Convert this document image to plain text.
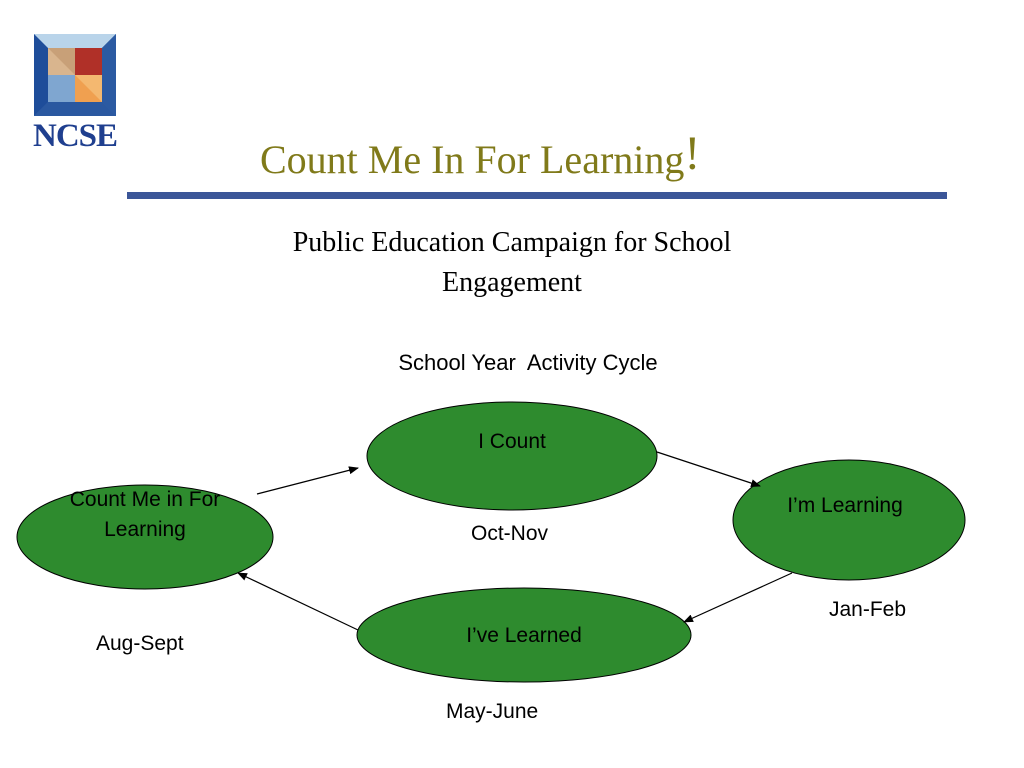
NCSE
Count Me In For Learning!
Public Education Campaign for School
Engagement
School Year  Activity Cycle
Count Me in For
Learning
I Count
I’m Learning
I’ve Learned
Aug-Sept
Oct-Nov
Jan-Feb
May-June
